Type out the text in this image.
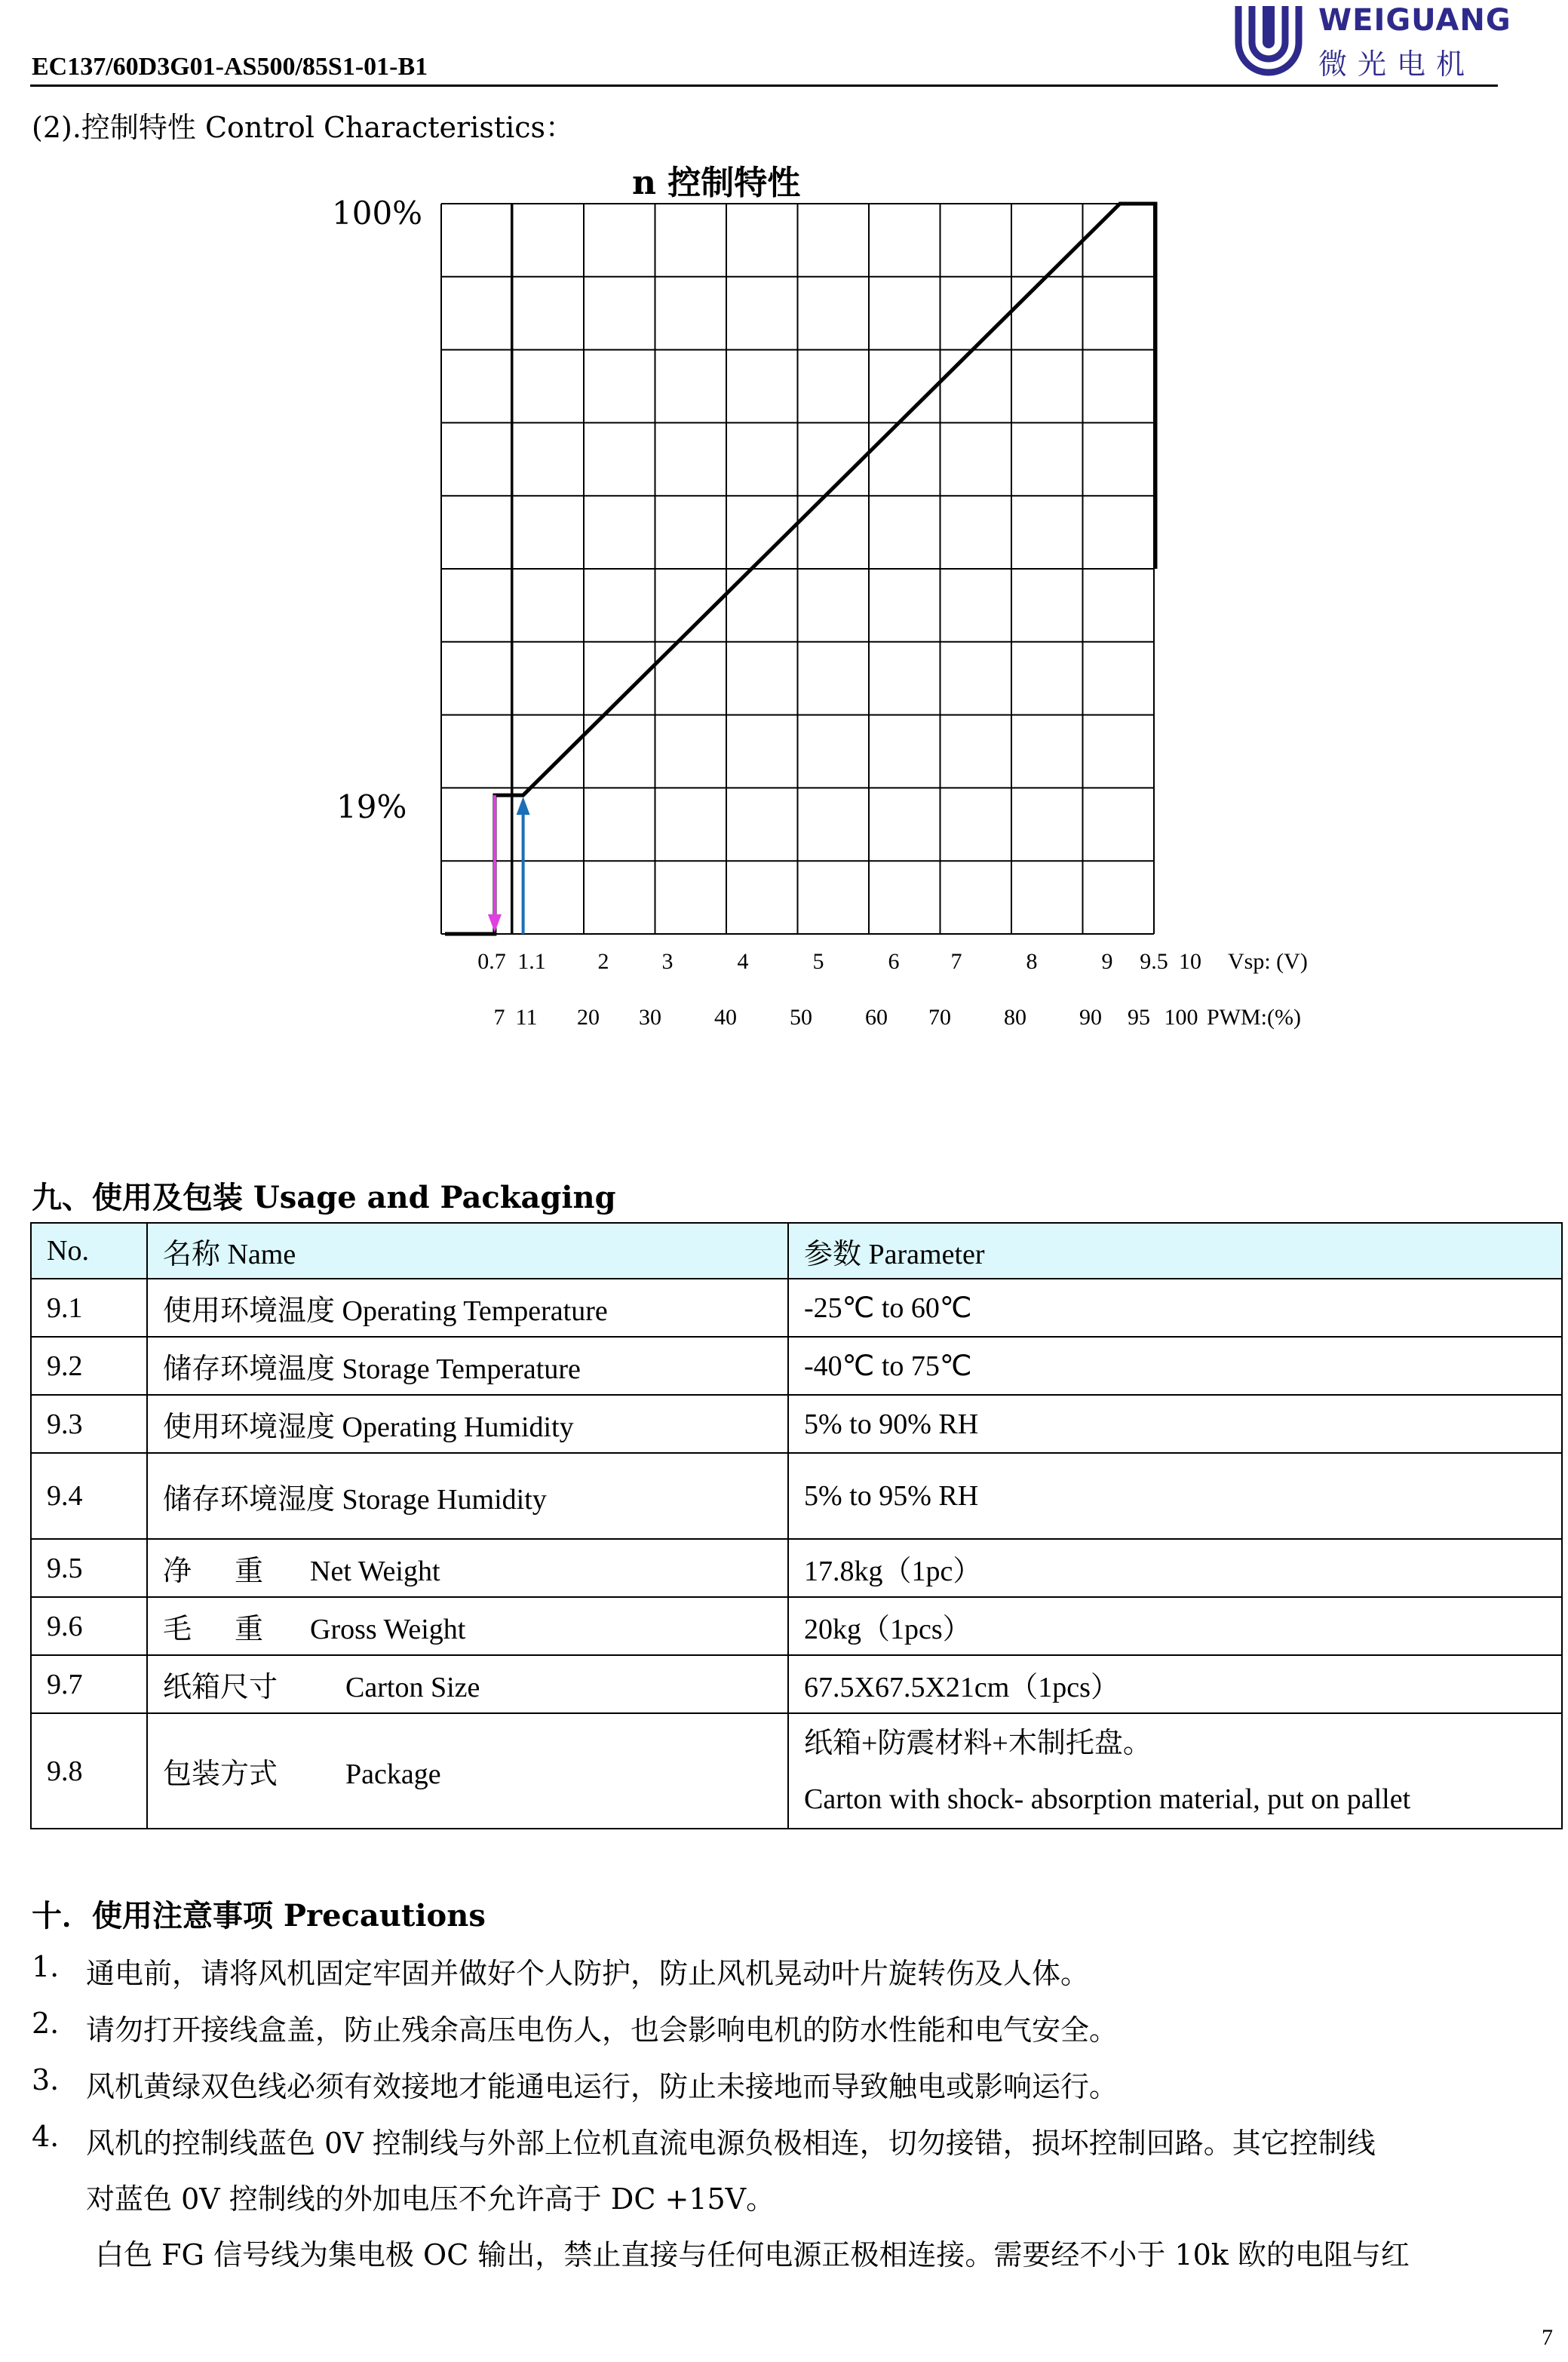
EC137/60D3G01-AS500/85S1-01-B1
WEIGUANG
微光电机
(2).控制特性 Control Characteristics：
n 控制特性
100%
19%
0.7 1.1 2 3	4	5	6 7	8	9 9.5 10 Vsp: (V)
7 11 20 30 40 50 60 70 80 90 95 100 PWM:(%)
九、使用及包装 Usage and Packaging
No.	名称 Name	参数 Parameter
9.1	使用环境温度 Operating Temperature	-25℃ to 60℃
9.2	储存环境温度 Storage Temperature	-40℃ to 75℃
9.3	使用环境湿度 Operating Humidity	5% to 90% RH
9.4	储存环境湿度 Storage Humidity	5% to 95% RH
9.5	净      重 Net Weight	17.8kg（1pc）
9.6	毛      重 Gross Weight	20kg（1pcs）
9.7	纸箱尺寸 Carton Size	67.5X67.5X21cm（1pcs）
9.8	包装方式 Package	纸箱+防震材料+木制托盘。
Carton with shock- absorption material, put on pallet
十．使用注意事项 Precautions
1. 通电前，请将风机固定牢固并做好个人防护，防止风机晃动叶片旋转伤及人体。
2. 请勿打开接线盒盖，防止残余高压电伤人，也会影响电机的防水性能和电气安全。
3. 风机黄绿双色线必须有效接地才能通电运行，防止未接地而导致触电或影响运行。
4. 风机的控制线蓝色 0V 控制线与外部上位机直流电源负极相连，切勿接错，损坏控制回路。其它控制线
对蓝色 0V 控制线的外加电压不允许高于 DC +15V。
白色 FG 信号线为集电极 OC 输出，禁止直接与任何电源正极相连接。需要经不小于 10k 欧的电阻与红
7
